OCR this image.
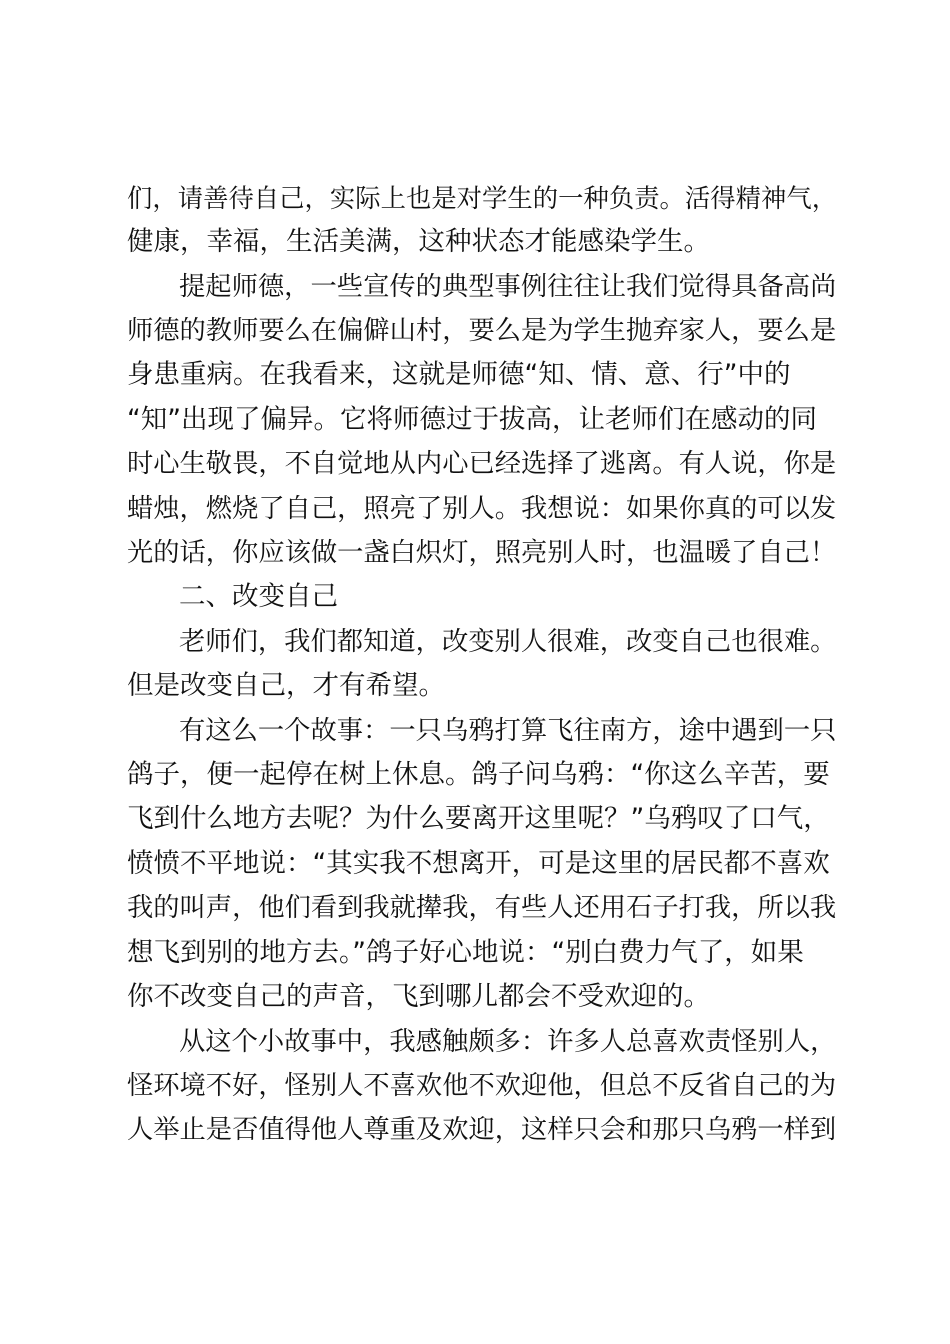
们，请善待自己，实际上也是对学生的一种负责。活得精神气，
健康，幸福，生活美满，这种状态才能感染学生。
提起师德，一些宣传的典型事例往往让我们觉得具备高尚
师德的教师要么在偏僻山村，要么是为学生抛弃家人，要么是
身患重病。在我看来，这就是师德“知、情、意、行”中的
“知”出现了偏异。它将师德过于拔高，让老师们在感动的同
时心生敬畏，不自觉地从内心已经选择了逃离。有人说，你是
蜡烛，燃烧了自己，照亮了别人。我想说：如果你真的可以发
光的话，你应该做一盏白炽灯，照亮别人时，也温暖了自己！
二、改变自己
老师们，我们都知道，改变别人很难，改变自己也很难。
但是改变自己，才有希望。
有这么一个故事：一只乌鸦打算飞往南方，途中遇到一只
鸽子，便一起停在树上休息。鸽子问乌鸦：“你这么辛苦，要
飞到什么地方去呢？为什么要离开这里呢？”乌鸦叹了口气，
愤愤不平地说：“其实我不想离开，可是这里的居民都不喜欢
我的叫声，他们看到我就撵我，有些人还用石子打我，所以我
想飞到别的地方去。”鸽子好心地说：“别白费力气了，如果
你不改变自己的声音，飞到哪儿都会不受欢迎的。
从这个小故事中，我感触颇多：许多人总喜欢责怪别人，
怪环境不好，怪别人不喜欢他不欢迎他，但总不反省自己的为
人举止是否值得他人尊重及欢迎，这样只会和那只乌鸦一样到
